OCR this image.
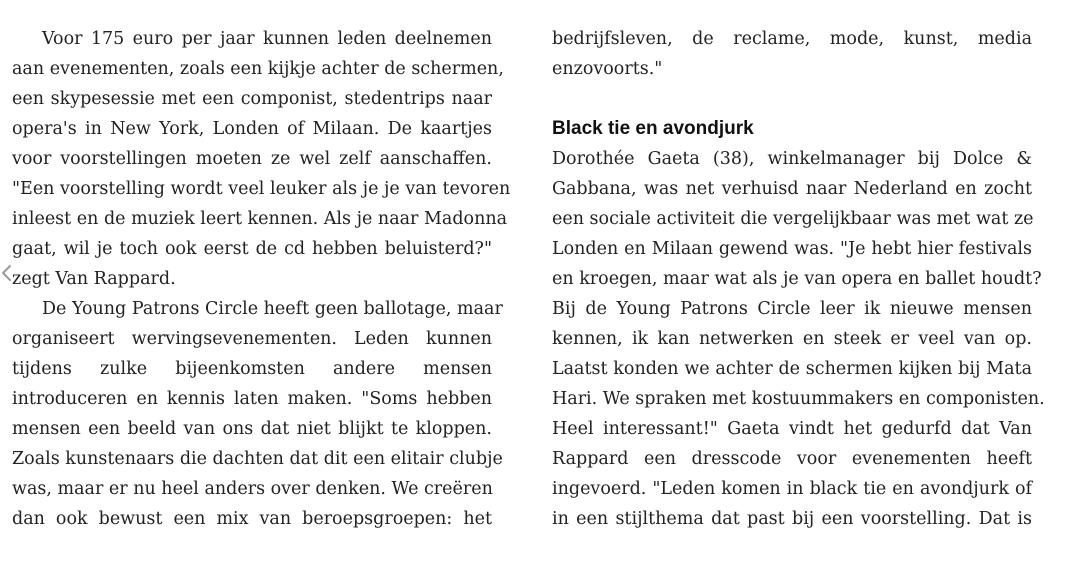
Voor 175 euro per jaar kunnen leden deelnemen
aan evenementen, zoals een kijkje achter de schermen,
een skypesessie met een componist, stedentrips naar
opera's in New York, Londen of Milaan. De kaartjes
voor voorstellingen moeten ze wel zelf aanschaffen.
"Een voorstelling wordt veel leuker als je je van tevoren
inleest en de muziek leert kennen. Als je naar Madonna
gaat, wil je toch ook eerst de cd hebben beluisterd?"
zegt Van Rappard.
De Young Patrons Circle heeft geen ballotage, maar
organiseert wervingsevenementen. Leden kunnen
tijdens zulke bijeenkomsten andere mensen
introduceren en kennis laten maken. "Soms hebben
mensen een beeld van ons dat niet blijkt te kloppen.
Zoals kunstenaars die dachten dat dit een elitair clubje
was, maar er nu heel anders over denken. We creëren
dan ook bewust een mix van beroepsgroepen: het
bedrijfsleven, de reclame, mode, kunst, media
enzovoorts."
Black tie en avondjurk
Dorothée Gaeta (38), winkelmanager bij Dolce &
Gabbana, was net verhuisd naar Nederland en zocht
een sociale activiteit die vergelijkbaar was met wat ze
Londen en Milaan gewend was. "Je hebt hier festivals
en kroegen, maar wat als je van opera en ballet houdt?
Bij de Young Patrons Circle leer ik nieuwe mensen
kennen, ik kan netwerken en steek er veel van op.
Laatst konden we achter de schermen kijken bij Mata
Hari. We spraken met kostuummakers en componisten.
Heel interessant!" Gaeta vindt het gedurfd dat Van
Rappard een dresscode voor evenementen heeft
ingevoerd. "Leden komen in black tie en avondjurk of
in een stijlthema dat past bij een voorstelling. Dat is
